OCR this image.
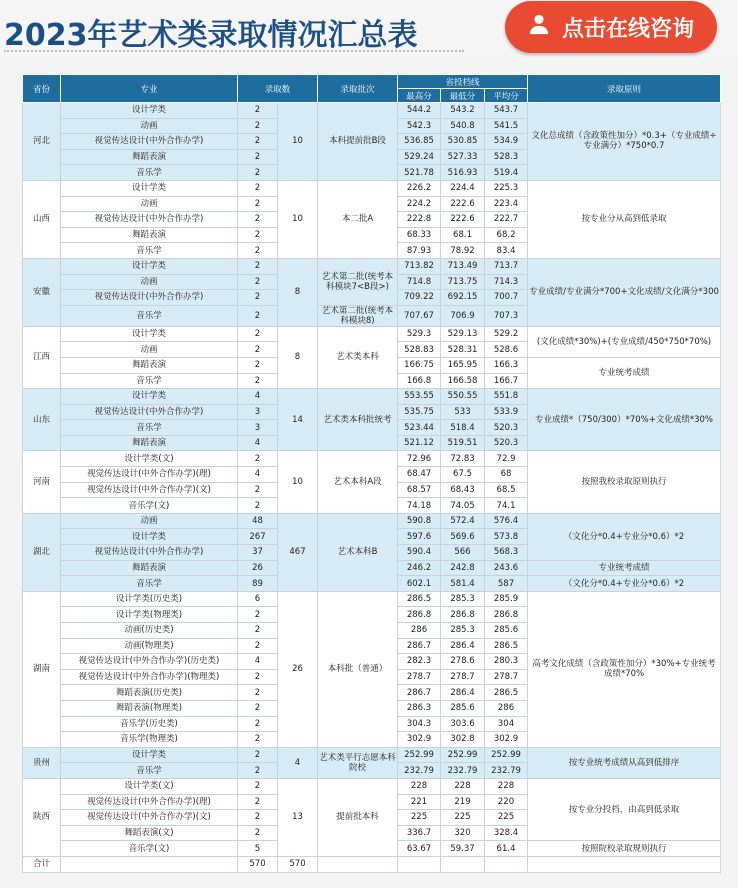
2023年艺术类录取情况汇总表	点击在线咨询
省份	专业	录取数		录取批次	省投档线			录取原则
					最高分	最低分	平均分	
河北	设计学类	2	10	本科提前批B段	544.2	543.2	543.7	文化总成绩（含政策性加分）*0.3+（专业成绩÷专业满分）*750*0.7
	动画	2			542.3	540.8	541.5	
	视觉传达设计(中外合作办学)	2			536.85	530.85	534.9	
	舞蹈表演	2			529.24	527.33	528.3	
	音乐学	2			521.78	516.93	519.4	
山西	设计学类	2	10	本二批A	226.2	224.4	225.3	按专业分从高到低录取
	动画	2			224.2	222.6	223.4	
	视觉传达设计(中外合作办学)	2			222.8	222.6	222.7	
	舞蹈表演	2			68.33	68.1	68.2	
	音乐学	2			87.93	78.92	83.4	
安徽	设计学类	2	8	艺术第二批(统考本科模块7<B段>)	713.82	713.49	713.7	专业成绩/专业满分*700+文化成绩/文化满分*300
	动画	2			714.8	713.75	714.3	
	视觉传达设计(中外合作办学)	2			709.22	692.15	700.7	
	音乐学	2		艺术第二批(统考本科模块8)	707.67	706.9	707.3	
江西	设计学类	2	8	艺术类本科	529.3	529.13	529.2	(文化成绩*30%)+(专业成绩/450*750*70%)
	动画	2			528.83	528.31	528.6	
	舞蹈表演	2			166.75	165.95	166.3	专业统考成绩
	音乐学	2			166.8	166.58	166.7	
山东	设计学类	4	14	艺术类本科批统考	553.55	550.55	551.8	专业成绩*（750/300）*70%+文化成绩*30%
	视觉传达设计(中外合作办学)	3			535.75	533	533.9	
	音乐学	3			523.44	518.4	520.3	
	舞蹈表演	4			521.12	519.51	520.3	
河南	设计学类(文)	2	10	艺术本科A段	72.96	72.83	72.9	按照我校录取原则执行
	视觉传达设计(中外合作办学)(理)	4			68.47	67.5	68	
	视觉传达设计(中外合作办学)(文)	2			68.57	68.43	68.5	
	音乐学(文)	2			74.18	74.05	74.1	
湖北	动画	48	467	艺术本科B	590.8	572.4	576.4	（文化分*0.4+专业分*0.6）*2
	设计学类	267			597.6	569.6	573.8	
	视觉传达设计(中外合作办学)	37			590.4	566	568.3	
	舞蹈表演	26			246.2	242.8	243.6	专业统考成绩
	音乐学	89			602.1	581.4	587	（文化分*0.4+专业分*0.6）*2
湖南	设计学类(历史类)	6	26	本科批（普通）	286.5	285.3	285.9	高考文化成绩（含政策性加分）*30%+专业统考成绩*70%
	设计学类(物理类)	2			286.8	286.8	286.8	
	动画(历史类)	2			286	285.3	285.6	
	动画(物理类)	2			286.7	286.4	286.5	
	视觉传达设计(中外合作办学)(历史类)	4			282.3	278.6	280.3	
	视觉传达设计(中外合作办学)(物理类)	2			278.7	278.7	278.7	
	舞蹈表演(历史类)	2			286.7	286.4	286.5	
	舞蹈表演(物理类)	2			286.3	285.6	286	
	音乐学(历史类)	2			304.3	303.6	304	
	音乐学(物理类)	2			302.9	302.8	302.9	
贵州	设计学类	2	4	艺术类平行志愿本科院校	252.99	252.99	252.99	按专业统考成绩从高到低排序
	音乐学	2			232.79	232.79	232.79	
陕西	设计学类(文)	2	13	提前批本科	228	228	228	按专业分投档，由高到低录取
	视觉传达设计(中外合作办学)(理)	2			221	219	220	
	视觉传达设计(中外合作办学)(文)	2			225	225	225	
	舞蹈表演(文)	2			336.7	320	328.4	
	音乐学(文)	5			63.67	59.37	61.4	按照院校录取规则执行
合计		570	570					
